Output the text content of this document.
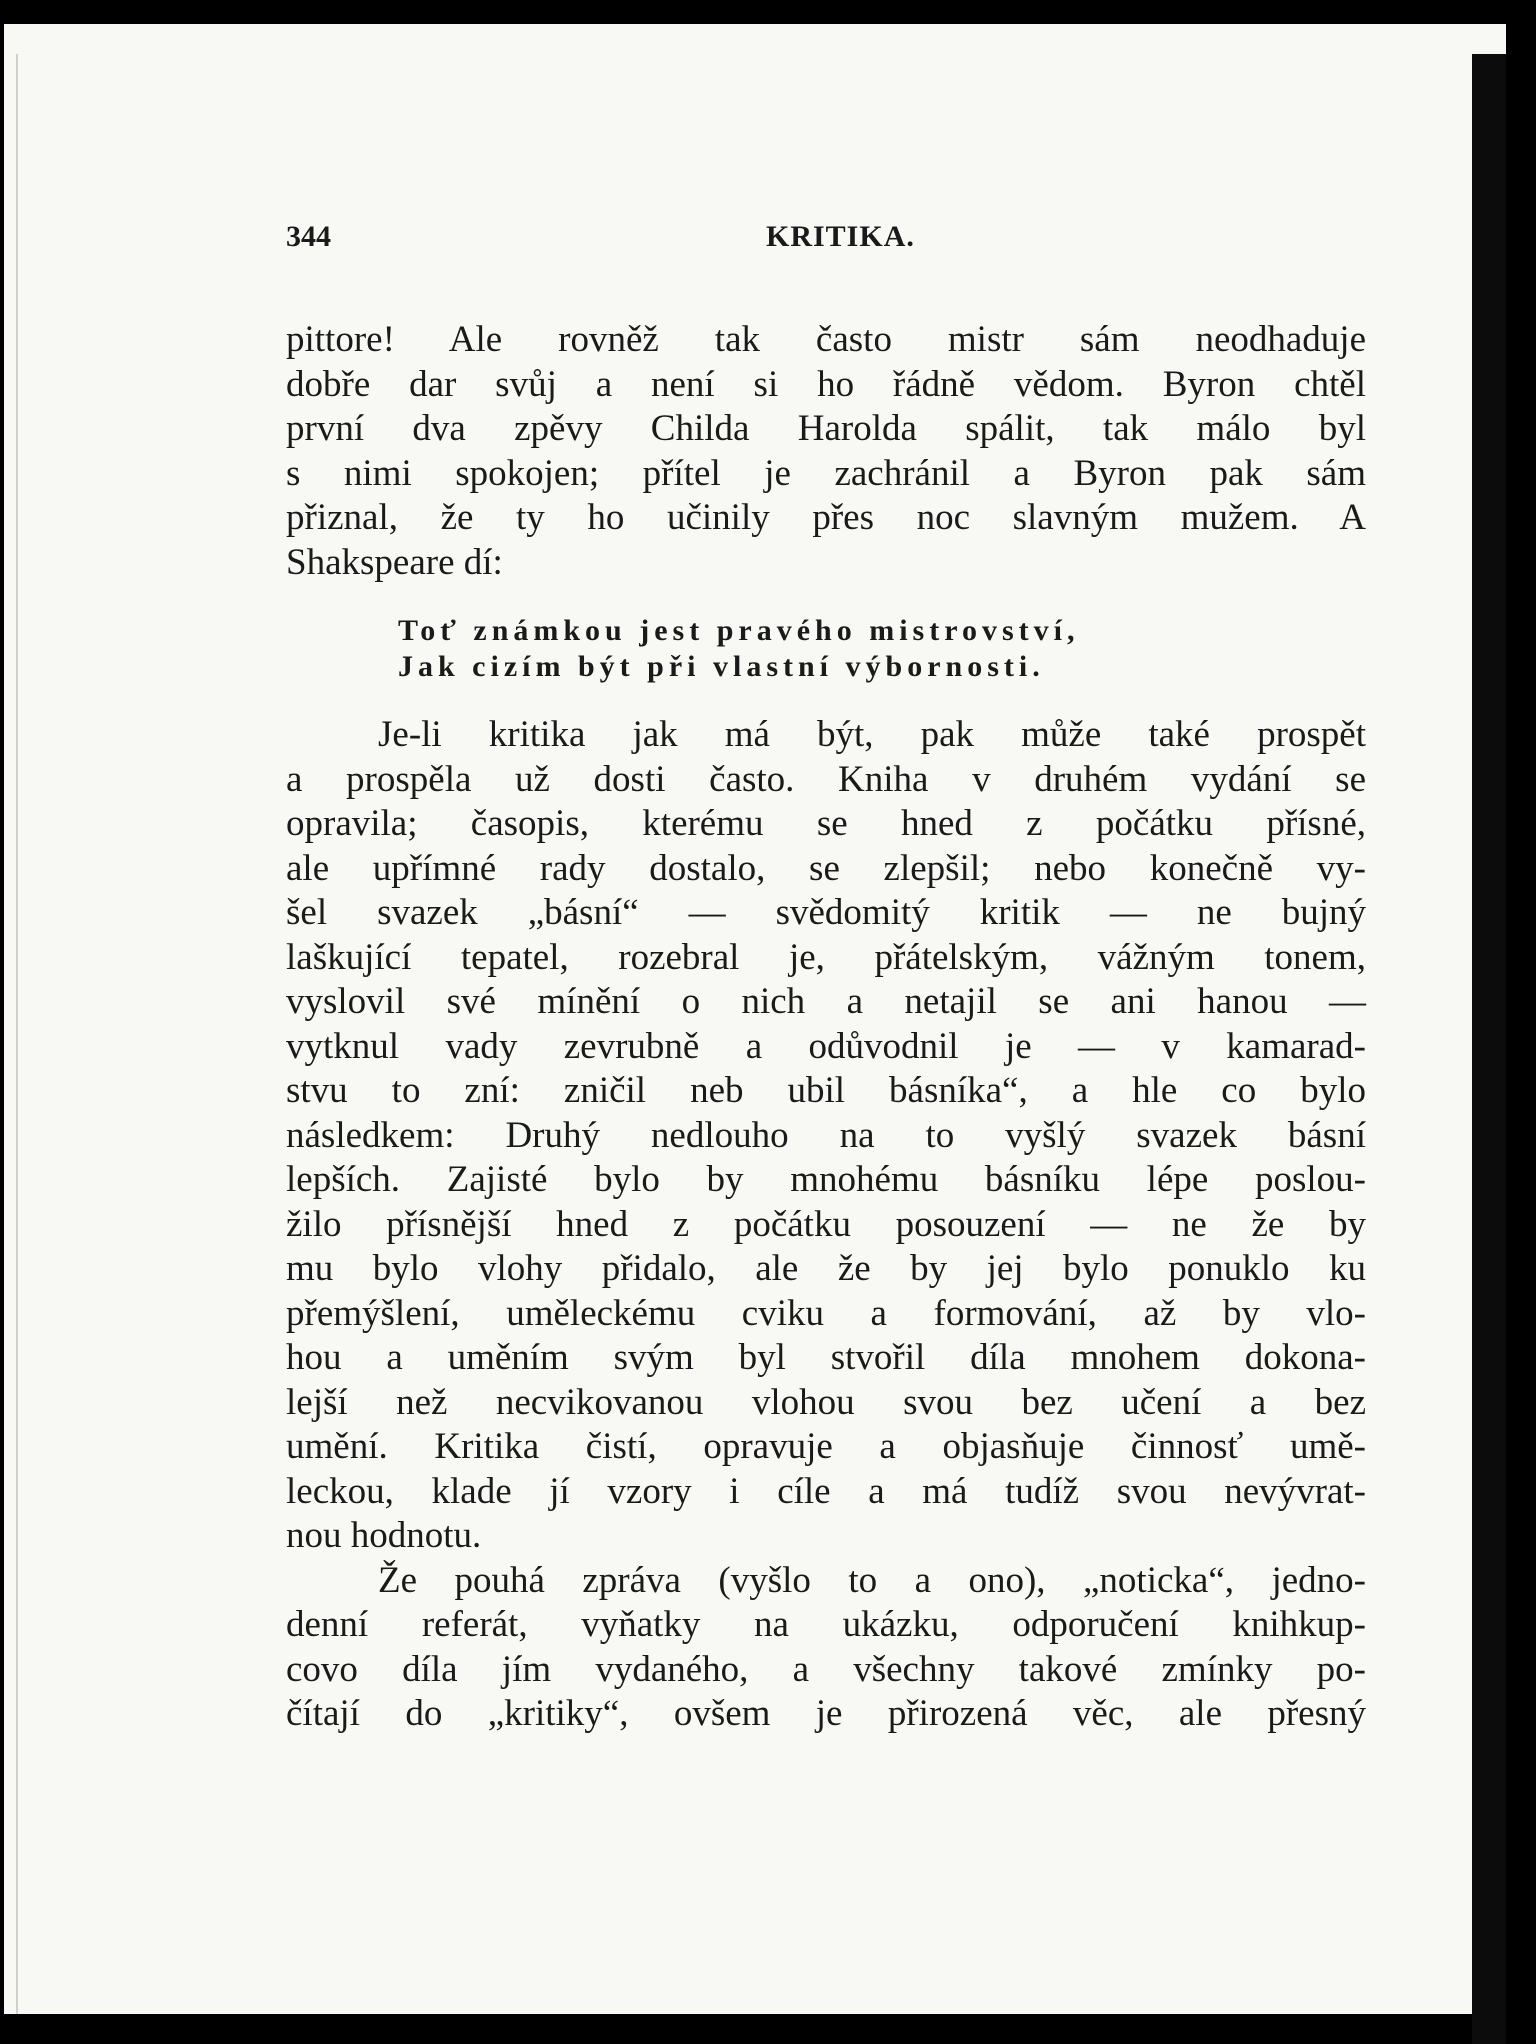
344	KRITIKA.
pittore! Ale rovněž tak často mistr sám neodhaduje
dobře dar svůj a není si ho řádně vědom. Byron chtěl
první dva zpěvy Childa Harolda spálit, tak málo byl
s nimi spokojen; přítel je zachránil a Byron pak sám
přiznal, že ty ho učinily přes noc slavným mužem. A
Shakspeare dí:
Toť známkou jest pravého mistrovství,
Jak cizím být při vlastní výbornosti.
Je-li kritika jak má být, pak může také prospět
a prospěla už dosti často. Kniha v druhém vydání se
opravila; časopis, kterému se hned z počátku přísné,
ale upřímné rady dostalo, se zlepšil; nebo konečně vy-
šel svazek „básní“ — svědomitý kritik — ne bujný
laškující tepatel, rozebral je, přátelským, vážným tonem,
vyslovil své mínění o nich a netajil se ani hanou —
vytknul vady zevrubně a odůvodnil je — v kamarad-
stvu to zní: zničil neb ubil básníka“, a hle co bylo
následkem: Druhý nedlouho na to vyšlý svazek básní
lepších. Zajisté bylo by mnohému básníku lépe poslou-
žilo přísnější hned z počátku posouzení — ne že by
mu bylo vlohy přidalo, ale že by jej bylo ponuklo ku
přemýšlení, uměleckému cviku a formování, až by vlo-
hou a uměním svým byl stvořil díla mnohem dokona-
lejší než necvikovanou vlohou svou bez učení a bez
umění. Kritika čistí, opravuje a objasňuje činnosť umě-
leckou, klade jí vzory i cíle a má tudíž svou nevývrat-
nou hodnotu.
Že pouhá zpráva (vyšlo to a ono), „noticka“, jedno-
denní referát, vyňatky na ukázku, odporučení knihkup-
covo díla jím vydaného, a všechny takové zmínky po-
čítají do „kritiky“, ovšem je přirozená věc, ale přesný
